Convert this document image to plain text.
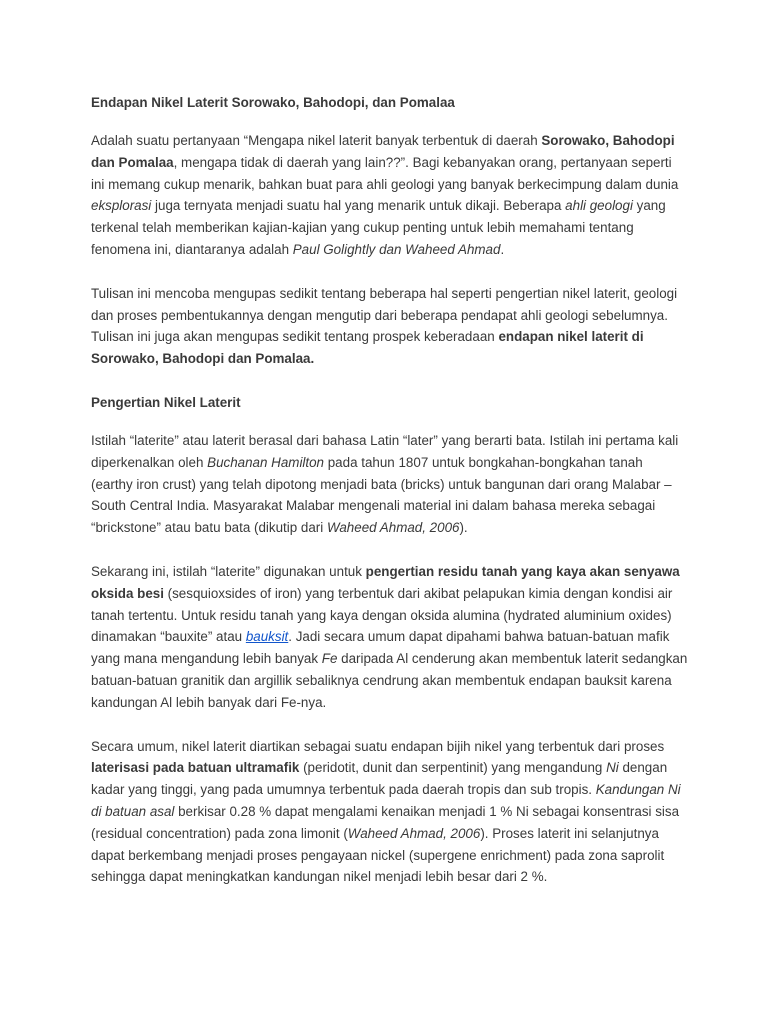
Endapan Nikel Laterit Sorowako, Bahodopi, dan Pomalaa

Adalah suatu pertanyaan “Mengapa nikel laterit banyak terbentuk di daerah Sorowako, Bahodopi dan Pomalaa, mengapa tidak di daerah yang lain??”. Bagi kebanyakan orang, pertanyaan seperti ini memang cukup menarik, bahkan buat para ahli geologi yang banyak berkecimpung dalam dunia eksplorasi juga ternyata menjadi suatu hal yang menarik untuk dikaji. Beberapa ahli geologi yang terkenal telah memberikan kajian-kajian yang cukup penting untuk lebih memahami tentang fenomena ini, diantaranya adalah Paul Golightly dan Waheed Ahmad.

Tulisan ini mencoba mengupas sedikit tentang beberapa hal seperti pengertian nikel laterit, geologi dan proses pembentukannya dengan mengutip dari beberapa pendapat ahli geologi sebelumnya. Tulisan ini juga akan mengupas sedikit tentang prospek keberadaan endapan nikel laterit di Sorowako, Bahodopi dan Pomalaa.

Pengertian Nikel Laterit

Istilah “laterite” atau laterit berasal dari bahasa Latin “later” yang berarti bata. Istilah ini pertama kali diperkenalkan oleh Buchanan Hamilton pada tahun 1807 untuk bongkahan-bongkahan tanah (earthy iron crust) yang telah dipotong menjadi bata (bricks) untuk bangunan dari orang Malabar – South Central India. Masyarakat Malabar mengenali material ini dalam bahasa mereka sebagai “brickstone” atau batu bata (dikutip dari Waheed Ahmad, 2006).

Sekarang ini, istilah “laterite” digunakan untuk pengertian residu tanah yang kaya akan senyawa oksida besi (sesquioxsides of iron) yang terbentuk dari akibat pelapukan kimia dengan kondisi air tanah tertentu. Untuk residu tanah yang kaya dengan oksida alumina (hydrated aluminium oxides) dinamakan “bauxite” atau bauksit. Jadi secara umum dapat dipahami bahwa batuan-batuan mafik yang mana mengandung lebih banyak Fe daripada Al cenderung akan membentuk laterit sedangkan batuan-batuan granitik dan argillik sebaliknya cendrung akan membentuk endapan bauksit karena kandungan Al lebih banyak dari Fe-nya.

Secara umum, nikel laterit diartikan sebagai suatu endapan bijih nikel yang terbentuk dari proses laterisasi pada batuan ultramafik (peridotit, dunit dan serpentinit) yang mengandung Ni dengan kadar yang tinggi, yang pada umumnya terbentuk pada daerah tropis dan sub tropis. Kandungan Ni di batuan asal berkisar 0.28 % dapat mengalami kenaikan menjadi 1 % Ni sebagai konsentrasi sisa (residual concentration) pada zona limonit (Waheed Ahmad, 2006). Proses laterit ini selanjutnya dapat berkembang menjadi proses pengayaan nickel (supergene enrichment) pada zona saprolit sehingga dapat meningkatkan kandungan nikel menjadi lebih besar dari 2 %.
